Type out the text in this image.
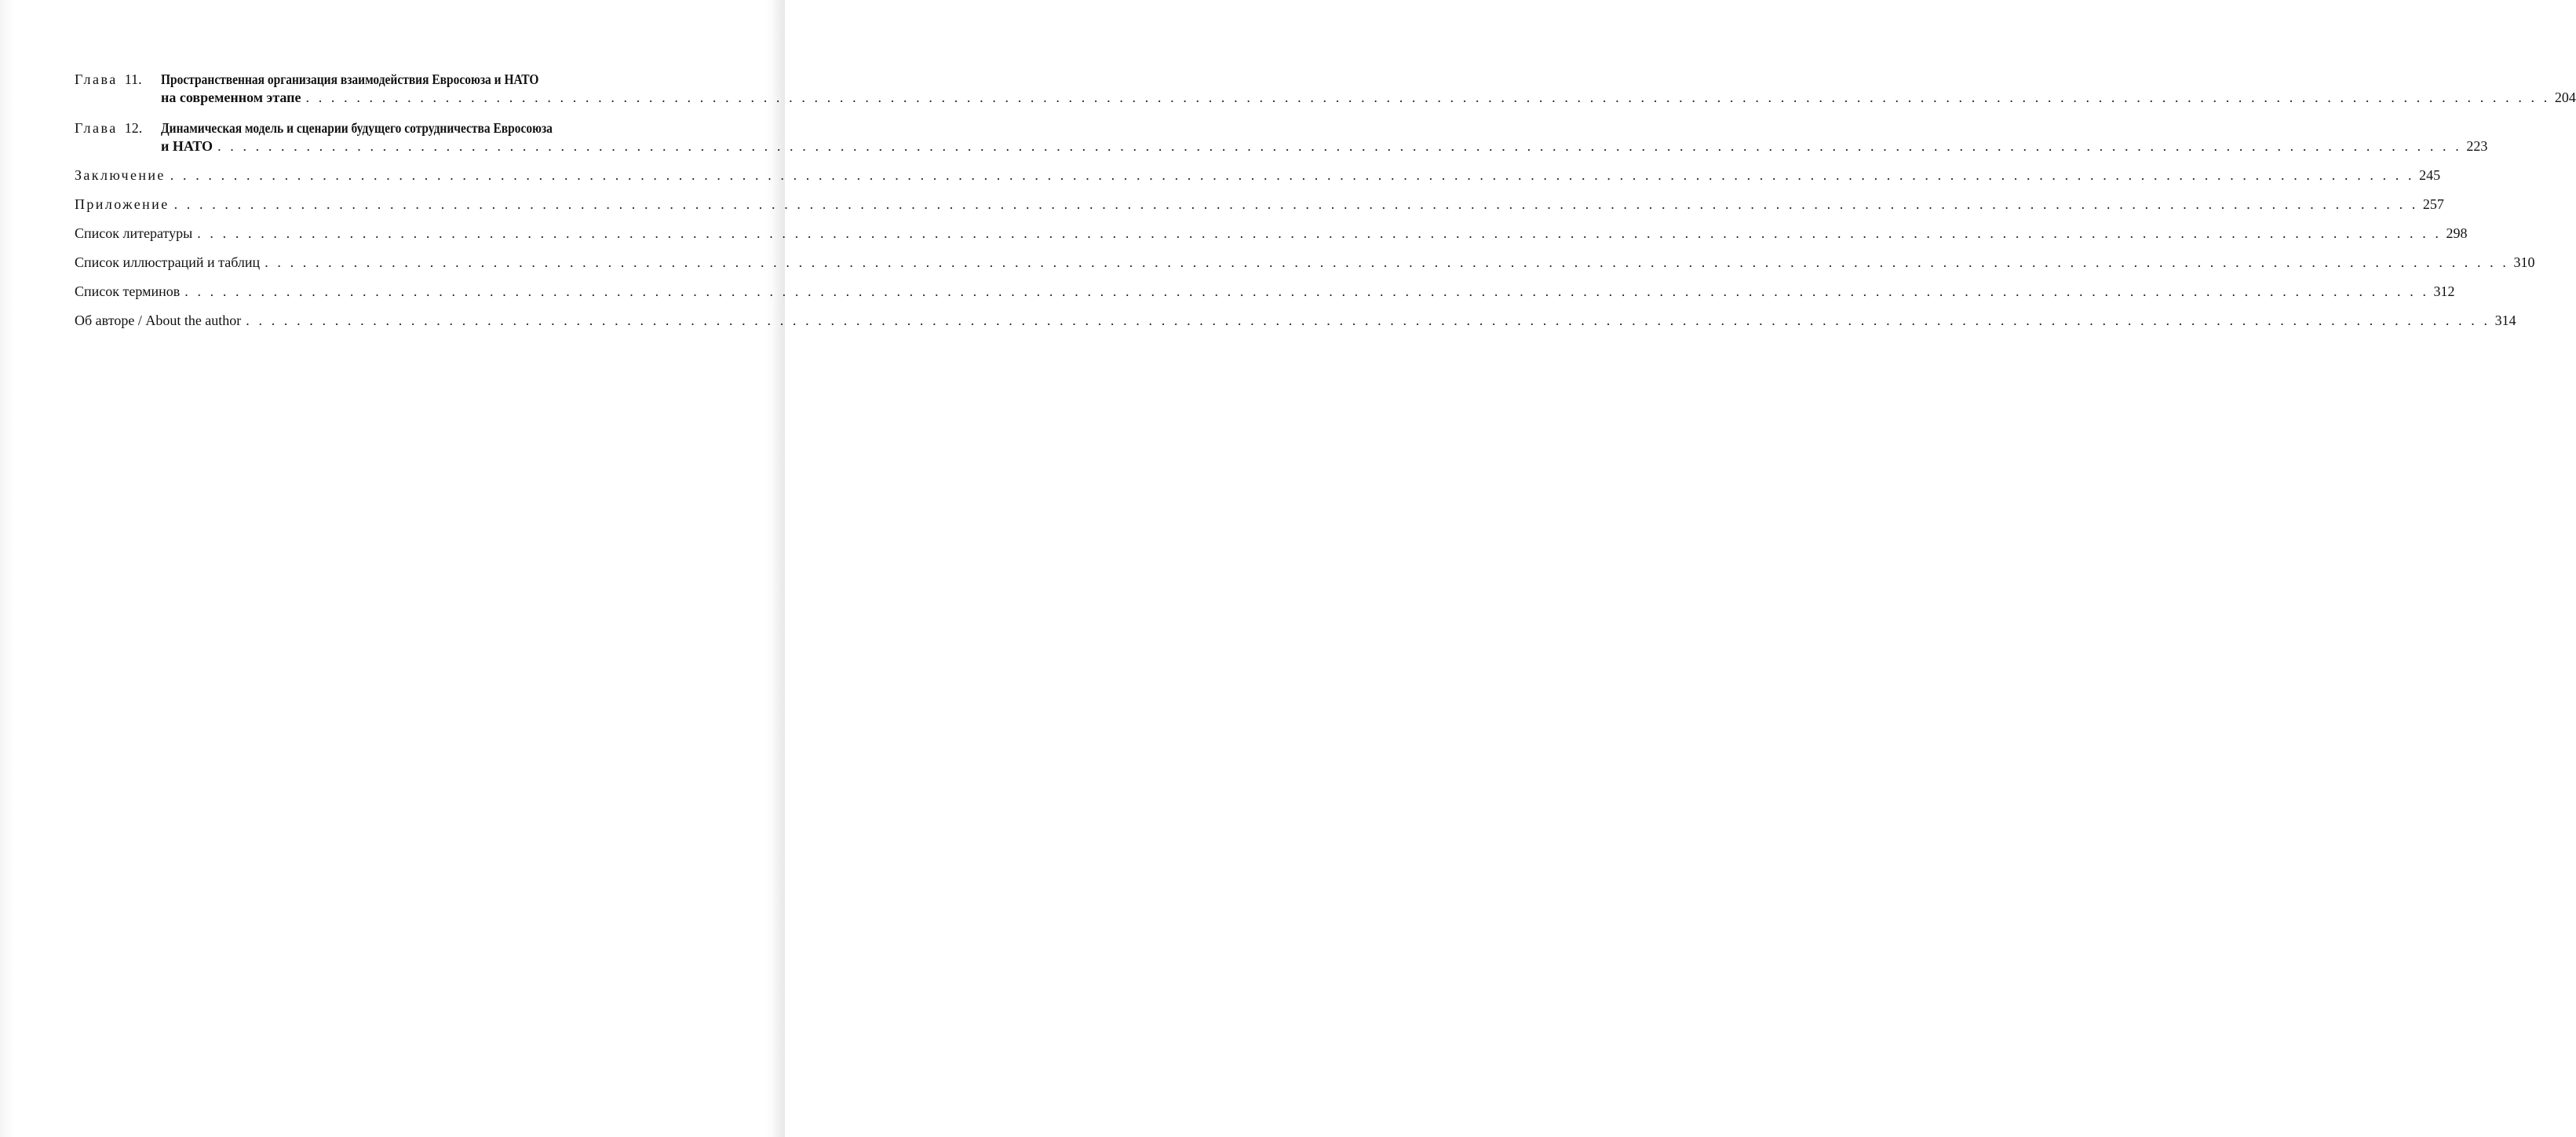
Глава 11.	Пространственная организация взаимодействия Евросоюза и НАТО
на современном этапе . . .	204
Глава 12.	Динамическая модель и сценарии будущего сотрудничества Евросоюза
и НАТО . . .	223
Заключение . . .	245
Приложение . . .	257
Список литературы . . .	298
Список иллюстраций и таблиц . . .	310
Список терминов . . .	312
Об авторе / About the author . . .	314
